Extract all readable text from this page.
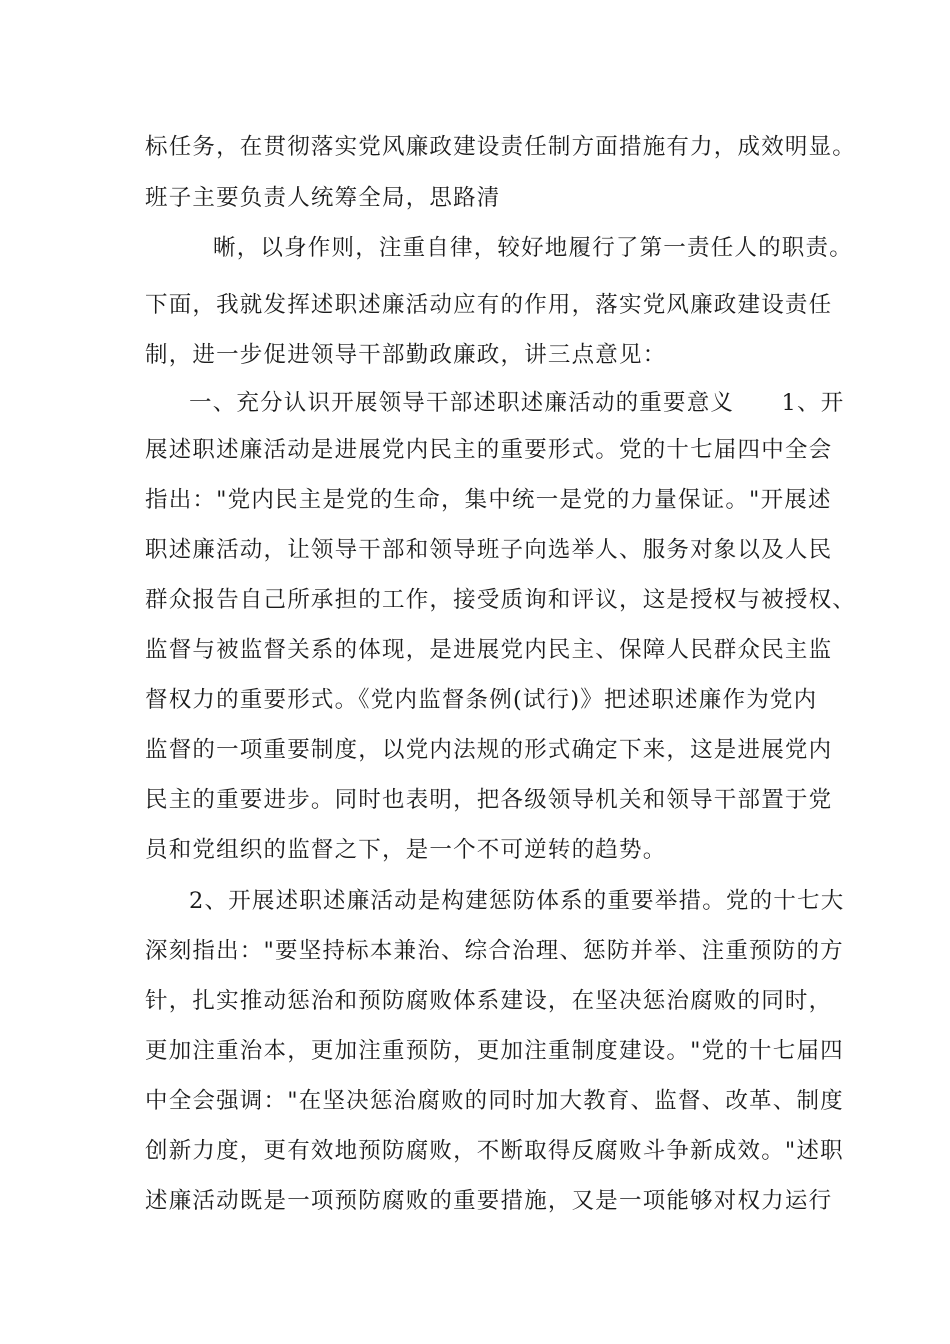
标任务，在贯彻落实党风廉政建设责任制方面措施有力，成效明显。
班子主要负责人统筹全局，思路清
晰，以身作则，注重自律，较好地履行了第一责任人的职责。
下面，我就发挥述职述廉活动应有的作用，落实党风廉政建设责任
制，进一步促进领导干部勤政廉政，讲三点意见：
一、充分认识开展领导干部述职述廉活动的重要意义　　1、开
展述职述廉活动是进展党内民主的重要形式。党的十七届四中全会
指出："党内民主是党的生命，集中统一是党的力量保证。"开展述
职述廉活动，让领导干部和领导班子向选举人、服务对象以及人民
群众报告自己所承担的工作，接受质询和评议，这是授权与被授权、
监督与被监督关系的体现，是进展党内民主、保障人民群众民主监
督权力的重要形式。《党内监督条例(试行)》把述职述廉作为党内
监督的一项重要制度，以党内法规的形式确定下来，这是进展党内
民主的重要进步。同时也表明，把各级领导机关和领导干部置于党
员和党组织的监督之下，是一个不可逆转的趋势。
2、开展述职述廉活动是构建惩防体系的重要举措。党的十七大
深刻指出："要坚持标本兼治、综合治理、惩防并举、注重预防的方
针，扎实推动惩治和预防腐败体系建设，在坚决惩治腐败的同时，
更加注重治本，更加注重预防，更加注重制度建设。"党的十七届四
中全会强调："在坚决惩治腐败的同时加大教育、监督、改革、制度
创新力度，更有效地预防腐败，不断取得反腐败斗争新成效。"述职
述廉活动既是一项预防腐败的重要措施，又是一项能够对权力运行
